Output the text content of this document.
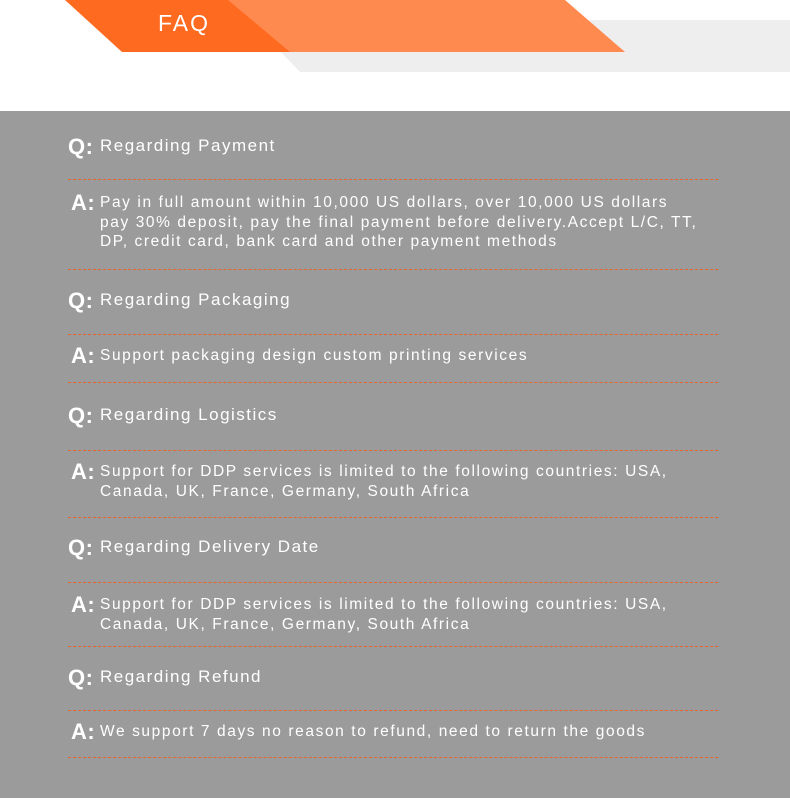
FAQ
Q: Regarding Payment
A: Pay in full amount within 10,000 US dollars, over 10,000 US dollars pay 30% deposit, pay the final payment before delivery.Accept L/C, TT, DP, credit card, bank card and other payment methods
Q: Regarding Packaging
A: Support packaging design custom printing services
Q: Regarding Logistics
A: Support for DDP services is limited to the following countries: USA, Canada, UK, France, Germany, South Africa
Q: Regarding Delivery Date
A: Support for DDP services is limited to the following countries: USA, Canada, UK, France, Germany, South Africa
Q: Regarding Refund
A: We support 7 days no reason to refund, need to return the goods
